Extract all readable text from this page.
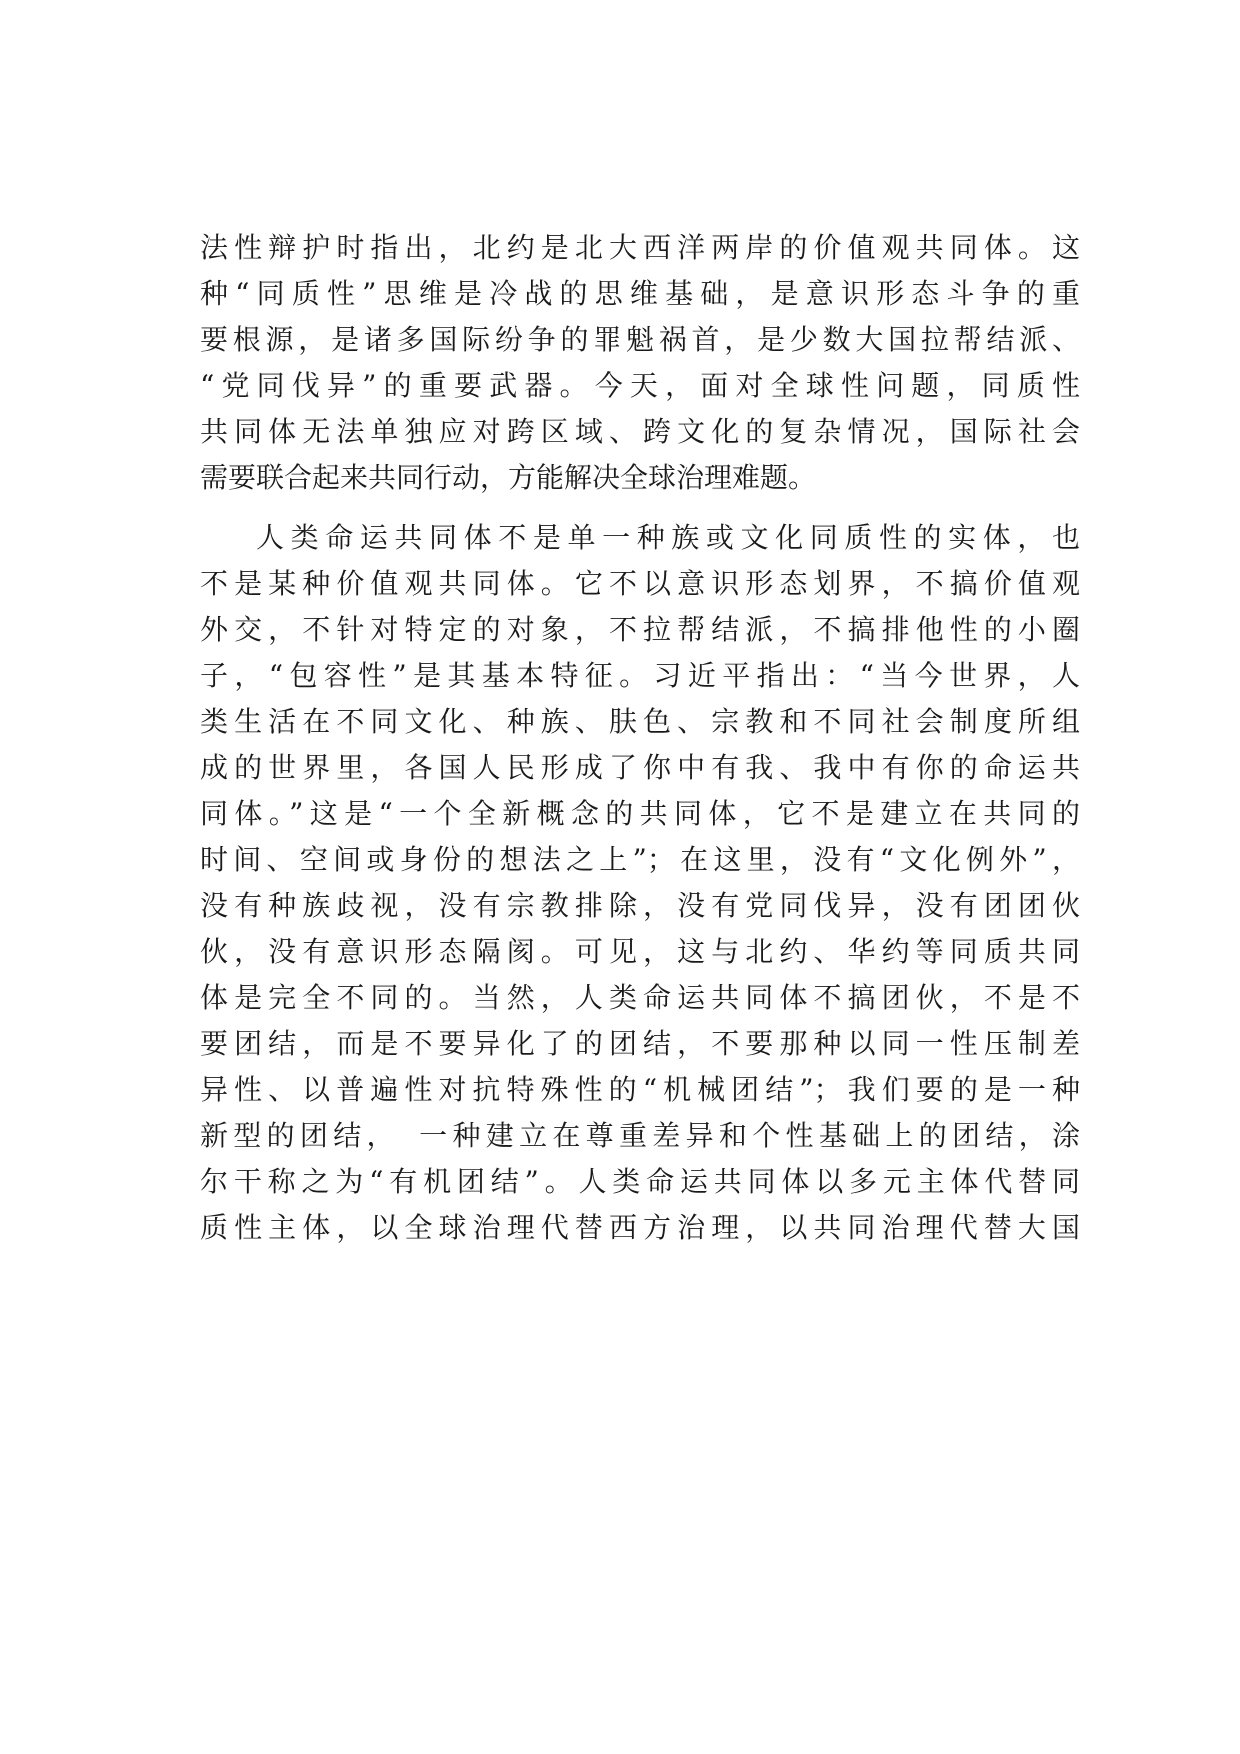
法性辩护时指出，北约是北大西洋两岸的价值观共同体。这
种“同质性”思维是冷战的思维基础，是意识形态斗争的重
要根源，是诸多国际纷争的罪魁祸首，是少数大国拉帮结派、
“党同伐异”的重要武器。今天，面对全球性问题，同质性
共同体无法单独应对跨区域、跨文化的复杂情况，国际社会
需要联合起来共同行动，方能解决全球治理难题。
人类命运共同体不是单一种族或文化同质性的实体，也
不是某种价值观共同体。它不以意识形态划界，不搞价值观
外交，不针对特定的对象，不拉帮结派，不搞排他性的小圈
子，“包容性”是其基本特征。习近平指出：“当今世界，人
类生活在不同文化、种族、肤色、宗教和不同社会制度所组
成的世界里，各国人民形成了你中有我、我中有你的命运共
同体。”这是“一个全新概念的共同体，它不是建立在共同的
时间、空间或身份的想法之上”；在这里，没有“文化例外”，
没有种族歧视，没有宗教排除，没有党同伐异，没有团团伙
伙，没有意识形态隔阂。可见，这与北约、华约等同质共同
体是完全不同的。当然，人类命运共同体不搞团伙，不是不
要团结，而是不要异化了的团结，不要那种以同一性压制差
异性、以普遍性对抗特殊性的“机械团结”；我们要的是一种
新型的团结，　一种建立在尊重差异和个性基础上的团结，涂
尔干称之为“有机团结”。人类命运共同体以多元主体代替同
质性主体，以全球治理代替西方治理，以共同治理代替大国
